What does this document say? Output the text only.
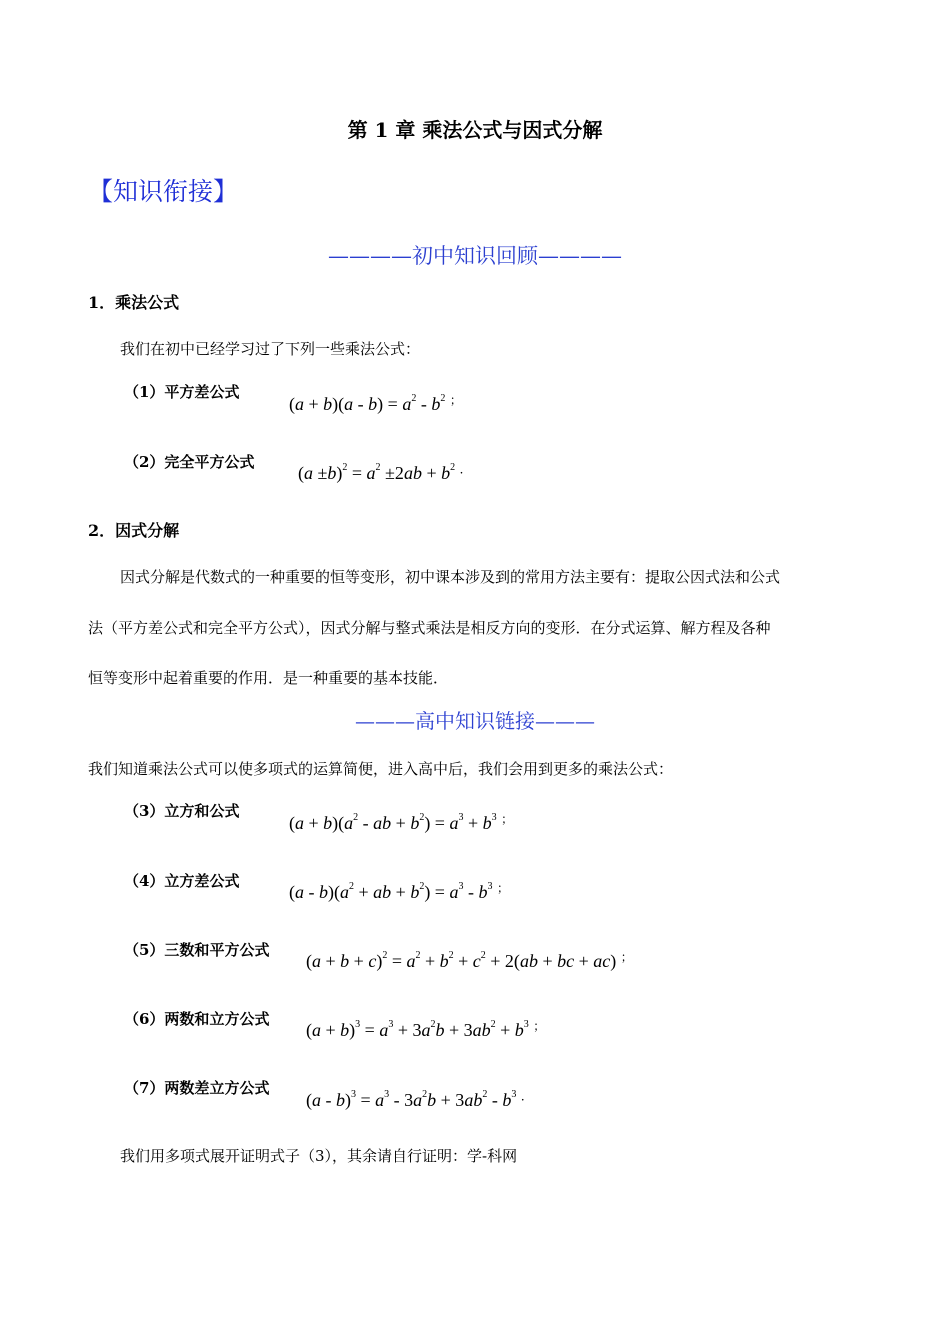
第 1 章 乘法公式与因式分解
【知识衔接】
————初中知识回顾————
1．乘法公式
我们在初中已经学习过了下列一些乘法公式：
（1）平方差公式
$(a + b)(a - b) = a^2 - b^2$ ；
（2）完全平方公式
$(a \pm b)^2 = a^2 \pm 2ab + b^2$ ．
2．因式分解
因式分解是代数式的一种重要的恒等变形，初中课本涉及到的常用方法主要有：提取公因式法和公式
法（平方差公式和完全平方公式），因式分解与整式乘法是相反方向的变形．在分式运算、解方程及各种
恒等变形中起着重要的作用．是一种重要的基本技能．
———高中知识链接———
我们知道乘法公式可以使多项式的运算简便，进入高中后，我们会用到更多的乘法公式：
（3）立方和公式
$(a + b)(a^2$ - ab + $b^2) = a^3 + b^3$ ；
（4）立方差公式
$(a - b)(a^2$ + ab + $b^2) = a^3 - b^3$ ；
（5）三数和平方公式
$(a + b + c)^2 = a^2 + b^2 + c^2 + 2(ab$ + bc + ac) ；
（6）两数和立方公式
$(a + b)^3 = a^3 + 3a^2b + 3ab^2 + b^3$ ；
（7）两数差立方公式
$(a - b)^3 = a^3 - 3a^2b + 3ab^2 - b^3$ ．
我们用多项式展开证明式子（3），其余请自行证明：学-科网
